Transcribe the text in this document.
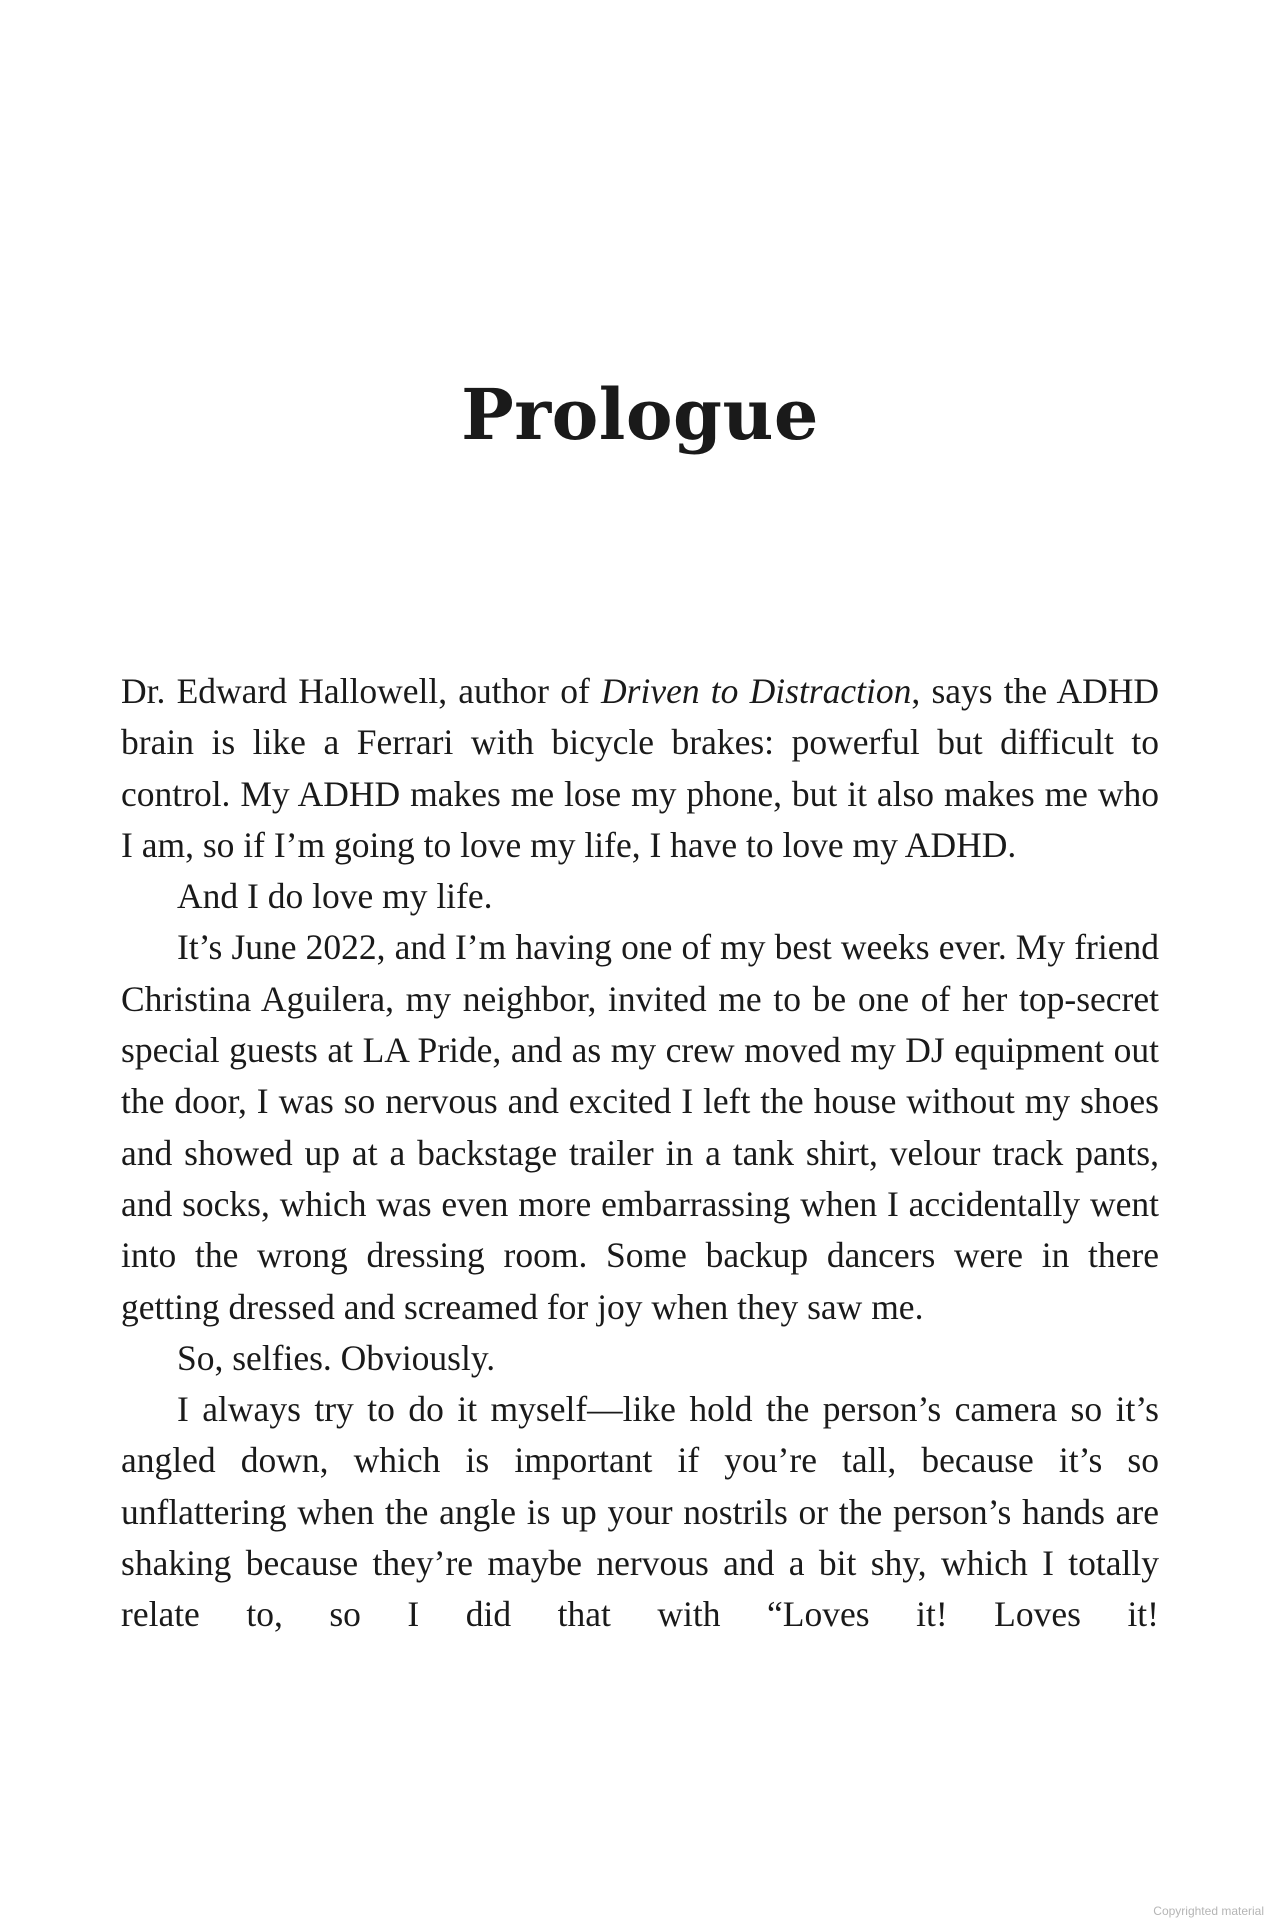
Prologue

Dr. Edward Hallowell, author of Driven to Distraction, says the ADHD brain is like a Ferrari with bicycle brakes: powerful but difficult to control. My ADHD makes me lose my phone, but it also makes me who I am, so if I’m going to love my life, I have to love my ADHD.

And I do love my life.

It’s June 2022, and I’m having one of my best weeks ever. My friend Christina Aguilera, my neighbor, invited me to be one of her top-secret special guests at LA Pride, and as my crew moved my DJ equipment out the door, I was so nervous and excited I left the house without my shoes and showed up at a backstage trailer in a tank shirt, velour track pants, and socks, which was even more embarrassing when I accidentally went into the wrong dressing room. Some backup dancers were in there getting dressed and screamed for joy when they saw me.

So, selfies. Obviously.

I always try to do it myself—like hold the person’s camera so it’s angled down, which is important if you’re tall, because it’s so unflattering when the angle is up your nostrils or the person’s hands are shaking because they’re maybe nervous and a bit shy, which I totally relate to, so I did that with “Loves it! Loves it!

Copyrighted material
